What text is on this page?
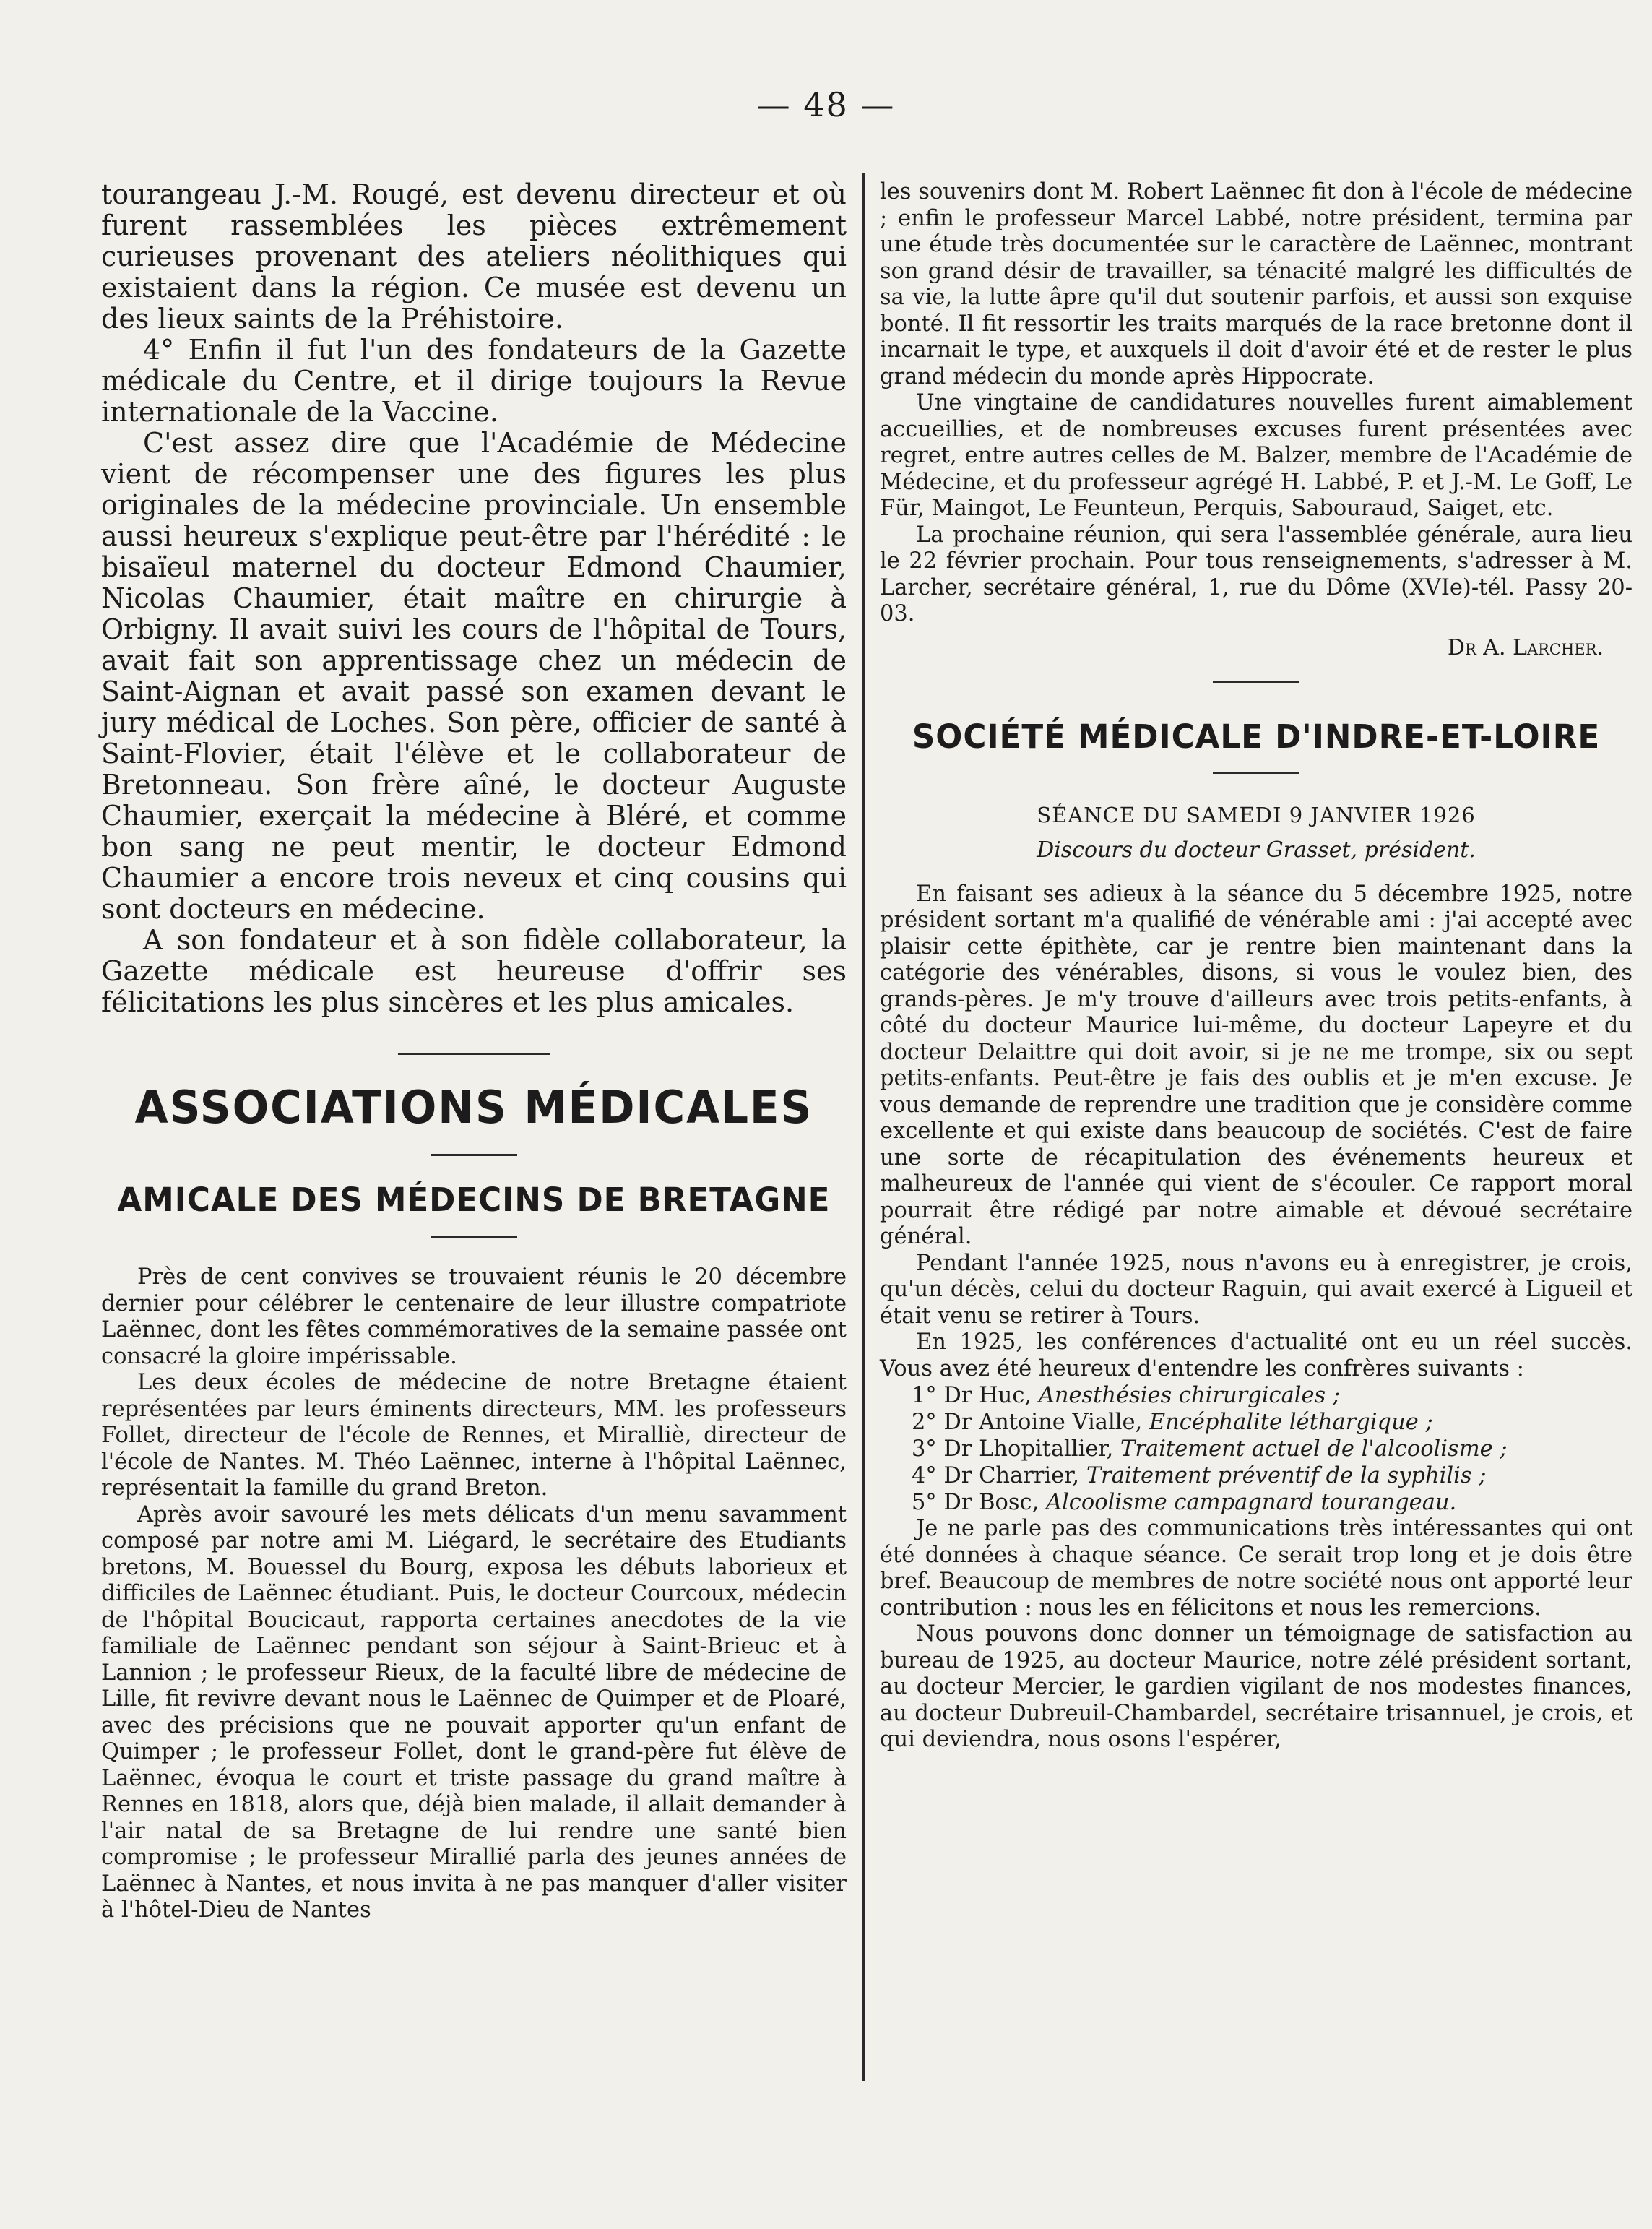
— 48 —

tourangeau J.-M. Rougé, est devenu directeur et où furent rassemblées les pièces extrêmement curieuses provenant des ateliers néolithiques qui existaient dans la région. Ce musée est devenu un des lieux saints de la Préhistoire.

4° Enfin il fut l'un des fondateurs de la Gazette médicale du Centre, et il dirige toujours la Revue internationale de la Vaccine.

C'est assez dire que l'Académie de Médecine vient de récompenser une des figures les plus originales de la médecine provinciale. Un ensemble aussi heureux s'explique peut-être par l'hérédité : le bisaïeul maternel du docteur Edmond Chaumier, Nicolas Chaumier, était maître en chirurgie à Orbigny. Il avait suivi les cours de l'hôpital de Tours, avait fait son apprentissage chez un médecin de Saint-Aignan et avait passé son examen devant le jury médical de Loches. Son père, officier de santé à Saint-Flovier, était l'élève et le collaborateur de Bretonneau. Son frère aîné, le docteur Auguste Chaumier, exerçait la médecine à Bléré, et comme bon sang ne peut mentir, le docteur Edmond Chaumier a encore trois neveux et cinq cousins qui sont docteurs en médecine.

A son fondateur et à son fidèle collaborateur, la Gazette médicale est heureuse d'offrir ses félicitations les plus sincères et les plus amicales.

ASSOCIATIONS MÉDICALES
AMICALE DES MÉDECINS DE BRETAGNE

Près de cent convives se trouvaient réunis le 20 décembre dernier pour célébrer le centenaire de leur illustre compatriote Laënnec, dont les fêtes commémoratives de la semaine passée ont consacré la gloire impérissable.

Les deux écoles de médecine de notre Bretagne étaient représentées par leurs éminents directeurs, MM. les professeurs Follet, directeur de l'école de Rennes, et Miralliè, directeur de l'école de Nantes. M. Théo Laënnec, interne à l'hôpital Laënnec, représentait la famille du grand Breton.

Après avoir savouré les mets délicats d'un menu savamment composé par notre ami M. Liégard, le secrétaire des Etudiants bretons, M. Bouessel du Bourg, exposa les débuts laborieux et difficiles de Laënnec étudiant. Puis, le docteur Courcoux, médecin de l'hôpital Boucicaut, rapporta certaines anecdotes de la vie familiale de Laënnec pendant son séjour à Saint-Brieuc et à Lannion ; le professeur Rieux, de la faculté libre de médecine de Lille, fit revivre devant nous le Laënnec de Quimper et de Ploaré, avec des précisions que ne pouvait apporter qu'un enfant de Quimper ; le professeur Follet, dont le grand-père fut élève de Laënnec, évoqua le court et triste passage du grand maître à Rennes en 1818, alors que, déjà bien malade, il allait demander à l'air natal de sa Bretagne de lui rendre une santé bien compromise ; le professeur Mirallié parla des jeunes années de Laënnec à Nantes, et nous invita à ne pas manquer d'aller visiter à l'hôtel-Dieu de Nantes

les souvenirs dont M. Robert Laënnec fit don à l'école de médecine ; enfin le professeur Marcel Labbé, notre président, termina par une étude très documentée sur le caractère de Laënnec, montrant son grand désir de travailler, sa ténacité malgré les difficultés de sa vie, la lutte âpre qu'il dut soutenir parfois, et aussi son exquise bonté. Il fit ressortir les traits marqués de la race bretonne dont il incarnait le type, et auxquels il doit d'avoir été et de rester le plus grand médecin du monde après Hippocrate.

Une vingtaine de candidatures nouvelles furent aimablement accueillies, et de nombreuses excuses furent présentées avec regret, entre autres celles de M. Balzer, membre de l'Académie de Médecine, et du professeur agrégé H. Labbé, P. et J.-M. Le Goff, Le Für, Maingot, Le Feunteun, Perquis, Sabouraud, Saiget, etc.

La prochaine réunion, qui sera l'assemblée générale, aura lieu le 22 février prochain. Pour tous renseignements, s'adresser à M. Larcher, secrétaire général, 1, rue du Dôme (XVIe)-tél. Passy 20-03.

Dr A. Larcher.
SOCIÉTÉ MÉDICALE D'INDRE-ET-LOIRE

SÉANCE DU SAMEDI 9 JANVIER 1926

Discours du docteur Grasset, président.

En faisant ses adieux à la séance du 5 décembre 1925, notre président sortant m'a qualifié de vénérable ami : j'ai accepté avec plaisir cette épithète, car je rentre bien maintenant dans la catégorie des vénérables, disons, si vous le voulez bien, des grands-pères. Je m'y trouve d'ailleurs avec trois petits-enfants, à côté du docteur Maurice lui-même, du docteur Lapeyre et du docteur Delaittre qui doit avoir, si je ne me trompe, six ou sept petits-enfants. Peut-être je fais des oublis et je m'en excuse. Je vous demande de reprendre une tradition que je considère comme excellente et qui existe dans beaucoup de sociétés. C'est de faire une sorte de récapitulation des événements heureux et malheureux de l'année qui vient de s'écouler. Ce rapport moral pourrait être rédigé par notre aimable et dévoué secrétaire général.

Pendant l'année 1925, nous n'avons eu à enregistrer, je crois, qu'un décès, celui du docteur Raguin, qui avait exercé à Ligueil et était venu se retirer à Tours.

En 1925, les conférences d'actualité ont eu un réel succès. Vous avez été heureux d'entendre les confrères suivants :

1° Dr Huc, Anesthésies chirurgicales ;
2° Dr Antoine Vialle, Encéphalite léthargique ;
3° Dr Lhopitallier, Traitement actuel de l'alcoolisme ;
4° Dr Charrier, Traitement préventif de la syphilis ;
5° Dr Bosc, Alcoolisme campagnard tourangeau.

Je ne parle pas des communications très intéressantes qui ont été données à chaque séance. Ce serait trop long et je dois être bref. Beaucoup de membres de notre société nous ont apporté leur contribution : nous les en félicitons et nous les remercions.

Nous pouvons donc donner un témoignage de satisfaction au bureau de 1925, au docteur Maurice, notre zélé président sortant, au docteur Mercier, le gardien vigilant de nos modestes finances, au docteur Dubreuil-Chambardel, secrétaire trisannuel, je crois, et qui deviendra, nous osons l'espérer,
